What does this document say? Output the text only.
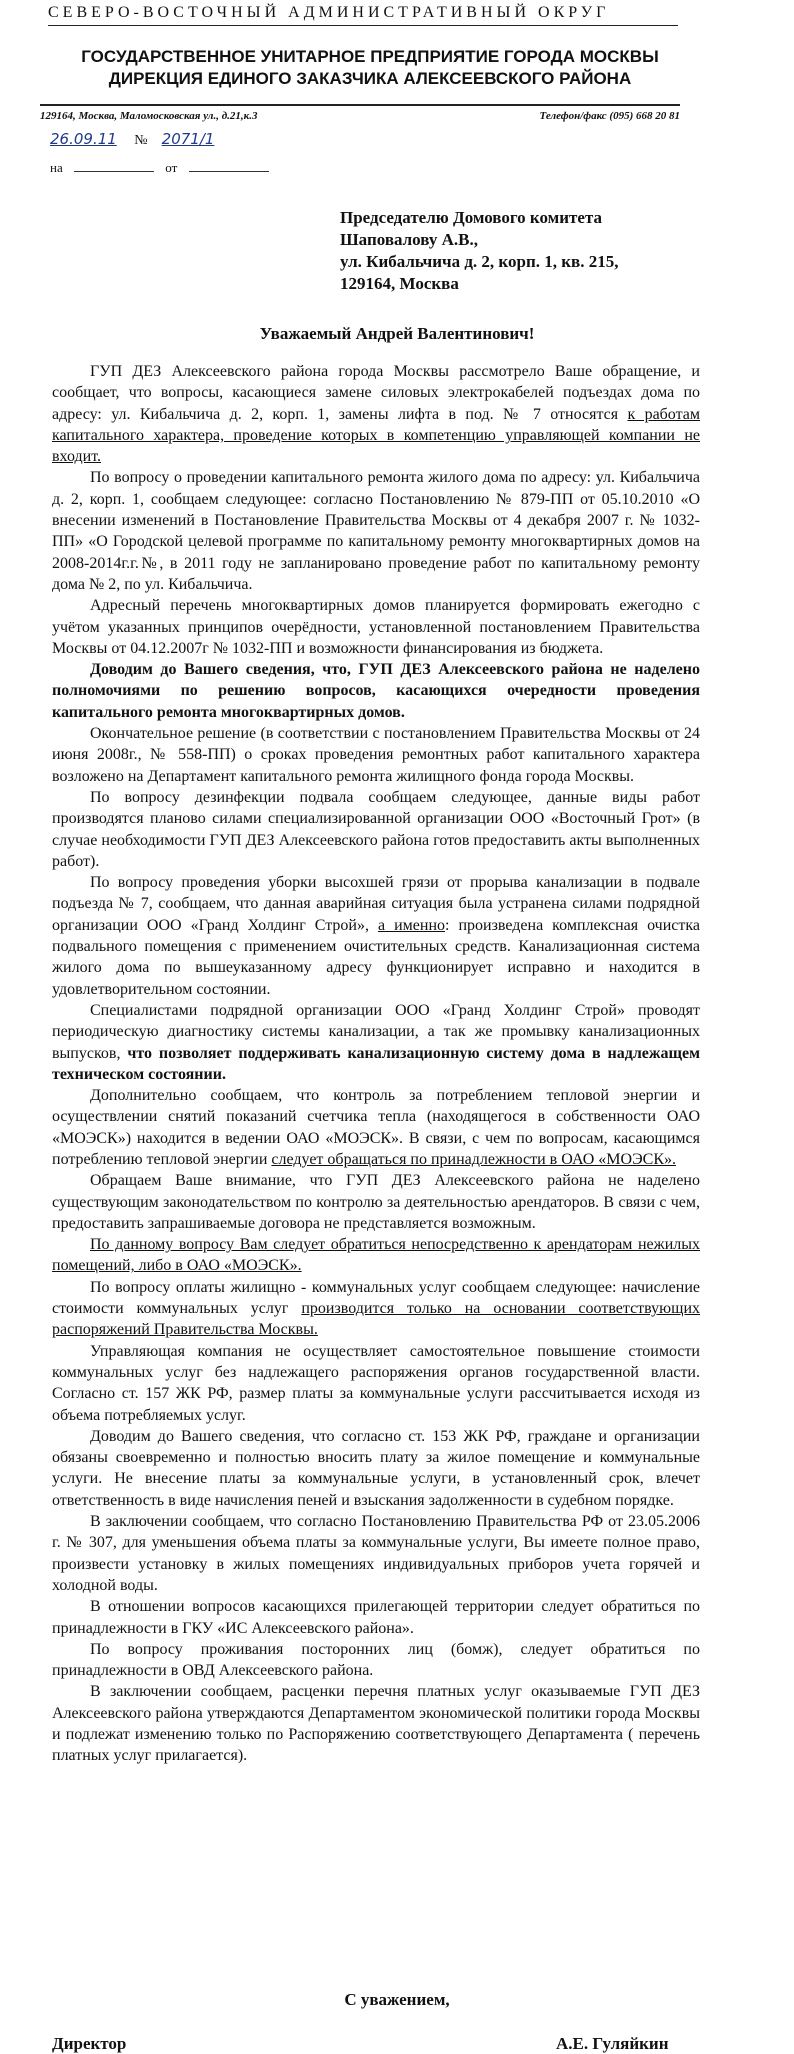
СЕВЕРО-ВОСТОЧНЫЙ АДМИНИСТРАТИВНЫЙ ОКРУГ
ГОСУДАРСТВЕННОЕ УНИТАРНОЕ ПРЕДПРИЯТИЕ ГОРОДА МОСКВЫ
ДИРЕКЦИЯ ЕДИНОГО ЗАКАЗЧИКА АЛЕКСЕЕВСКОГО РАЙОНА
129164, Москва, Маломосковская ул., д.21,к.3	Телефон/факс (095) 668 20 81
26.09.11 № 2071/1
на	от
Председателю Домового комитета
Шаповалову А.В.,
ул. Кибальчича д. 2, корп. 1, кв. 215,
129164, Москва
Уважаемый Андрей Валентинович!

ГУП ДЕЗ Алексеевского района города Москвы рассмотрело Ваше обращение, и сообщает, что вопросы, касающиеся замене силовых электрокабелей подъездах дома по адресу: ул. Кибальчича д. 2, корп. 1, замены лифта в под. № 7 относятся к работам капитального характера, проведение которых в компетенцию управляющей компании не входит.

По вопросу о проведении капитального ремонта жилого дома по адресу: ул. Кибальчича д. 2, корп. 1, сообщаем следующее: согласно Постановлению № 879-ПП от 05.10.2010 «О внесении изменений в Постановление Правительства Москвы от 4 декабря 2007 г. № 1032-ПП» «О Городской целевой программе по капитальному ремонту многоквартирных домов на 2008-2014г.г.№, в 2011 году не запланировано проведение работ по капитальному ремонту дома № 2, по ул. Кибальчича.

Адресный перечень многоквартирных домов планируется формировать ежегодно с учётом указанных принципов очерёдности, установленной постановлением Правительства Москвы от 04.12.2007г № 1032-ПП и возможности финансирования из бюджета.

Доводим до Вашего сведения, что, ГУП ДЕЗ Алексеевского района не наделено полномочиями по решению вопросов, касающихся очередности проведения капитального ремонта многоквартирных домов.

Окончательное решение (в соответствии с постановлением Правительства Москвы от 24 июня 2008г., № 558-ПП) о сроках проведения ремонтных работ капитального характера возложено на Департамент капитального ремонта жилищного фонда города Москвы.

По вопросу дезинфекции подвала сообщаем следующее, данные виды работ производятся планово силами специализированной организации ООО «Восточный Грот» (в случае необходимости ГУП ДЕЗ Алексеевского района готов предоставить акты выполненных работ).

По вопросу проведения уборки высохшей грязи от прорыва канализации в подвале подъезда № 7, сообщаем, что данная аварийная ситуация была устранена силами подрядной организации ООО «Гранд Холдинг Строй», а именно: произведена комплексная очистка подвального помещения с применением очистительных средств. Канализационная система жилого дома по вышеуказанному адресу функционирует исправно и находится в удовлетворительном состоянии.

Специалистами подрядной организации ООО «Гранд Холдинг Строй» проводят периодическую диагностику системы канализации, а так же промывку канализационных выпусков, что позволяет поддерживать канализационную систему дома в надлежащем техническом состоянии.

Дополнительно сообщаем, что контроль за потреблением тепловой энергии и осуществлении снятий показаний счетчика тепла (находящегося в собственности ОАО «МОЭСК») находится в ведении ОАО «МОЭСК». В связи, с чем по вопросам, касающимся потреблению тепловой энергии следует обращаться по принадлежности в ОАО «МОЭСК».

Обращаем Ваше внимание, что ГУП ДЕЗ Алексеевского района не наделено существующим законодательством по контролю за деятельностью арендаторов. В связи с чем, предоставить запрашиваемые договора не представляется возможным.

По данному вопросу Вам следует обратиться непосредственно к арендаторам нежилых помещений, либо в ОАО «МОЭСК».

По вопросу оплаты жилищно - коммунальных услуг сообщаем следующее: начисление стоимости коммунальных услуг производится только на основании соответствующих распоряжений Правительства Москвы.

Управляющая компания не осуществляет самостоятельное повышение стоимости коммунальных услуг без надлежащего распоряжения органов государственной власти. Согласно ст. 157 ЖК РФ, размер платы за коммунальные услуги рассчитывается исходя из объема потребляемых услуг.

Доводим до Вашего сведения, что согласно ст. 153 ЖК РФ, граждане и организации обязаны своевременно и полностью вносить плату за жилое помещение и коммунальные услуги. Не внесение платы за коммунальные услуги, в установленный срок, влечет ответственность в виде начисления пеней и взыскания задолженности в судебном порядке.

В заключении сообщаем, что согласно Постановлению Правительства РФ от 23.05.2006 г. № 307, для уменьшения объема платы за коммунальные услуги, Вы имеете полное право, произвести установку в жилых помещениях индивидуальных приборов учета горячей и холодной воды.

В отношении вопросов касающихся прилегающей территории следует обратиться по принадлежности в ГКУ «ИС Алексеевского района».

По вопросу проживания посторонних лиц (бомж), следует обратиться по принадлежности в ОВД Алексеевского района.

В заключении сообщаем, расценки перечня платных услуг оказываемые ГУП ДЕЗ Алексеевского района утверждаются Департаментом экономической политики города Москвы и подлежат изменению только по Распоряжению соответствующего Департамента ( перечень платных услуг прилагается).

С уважением,
Директор	А.Е. Гуляйкин
